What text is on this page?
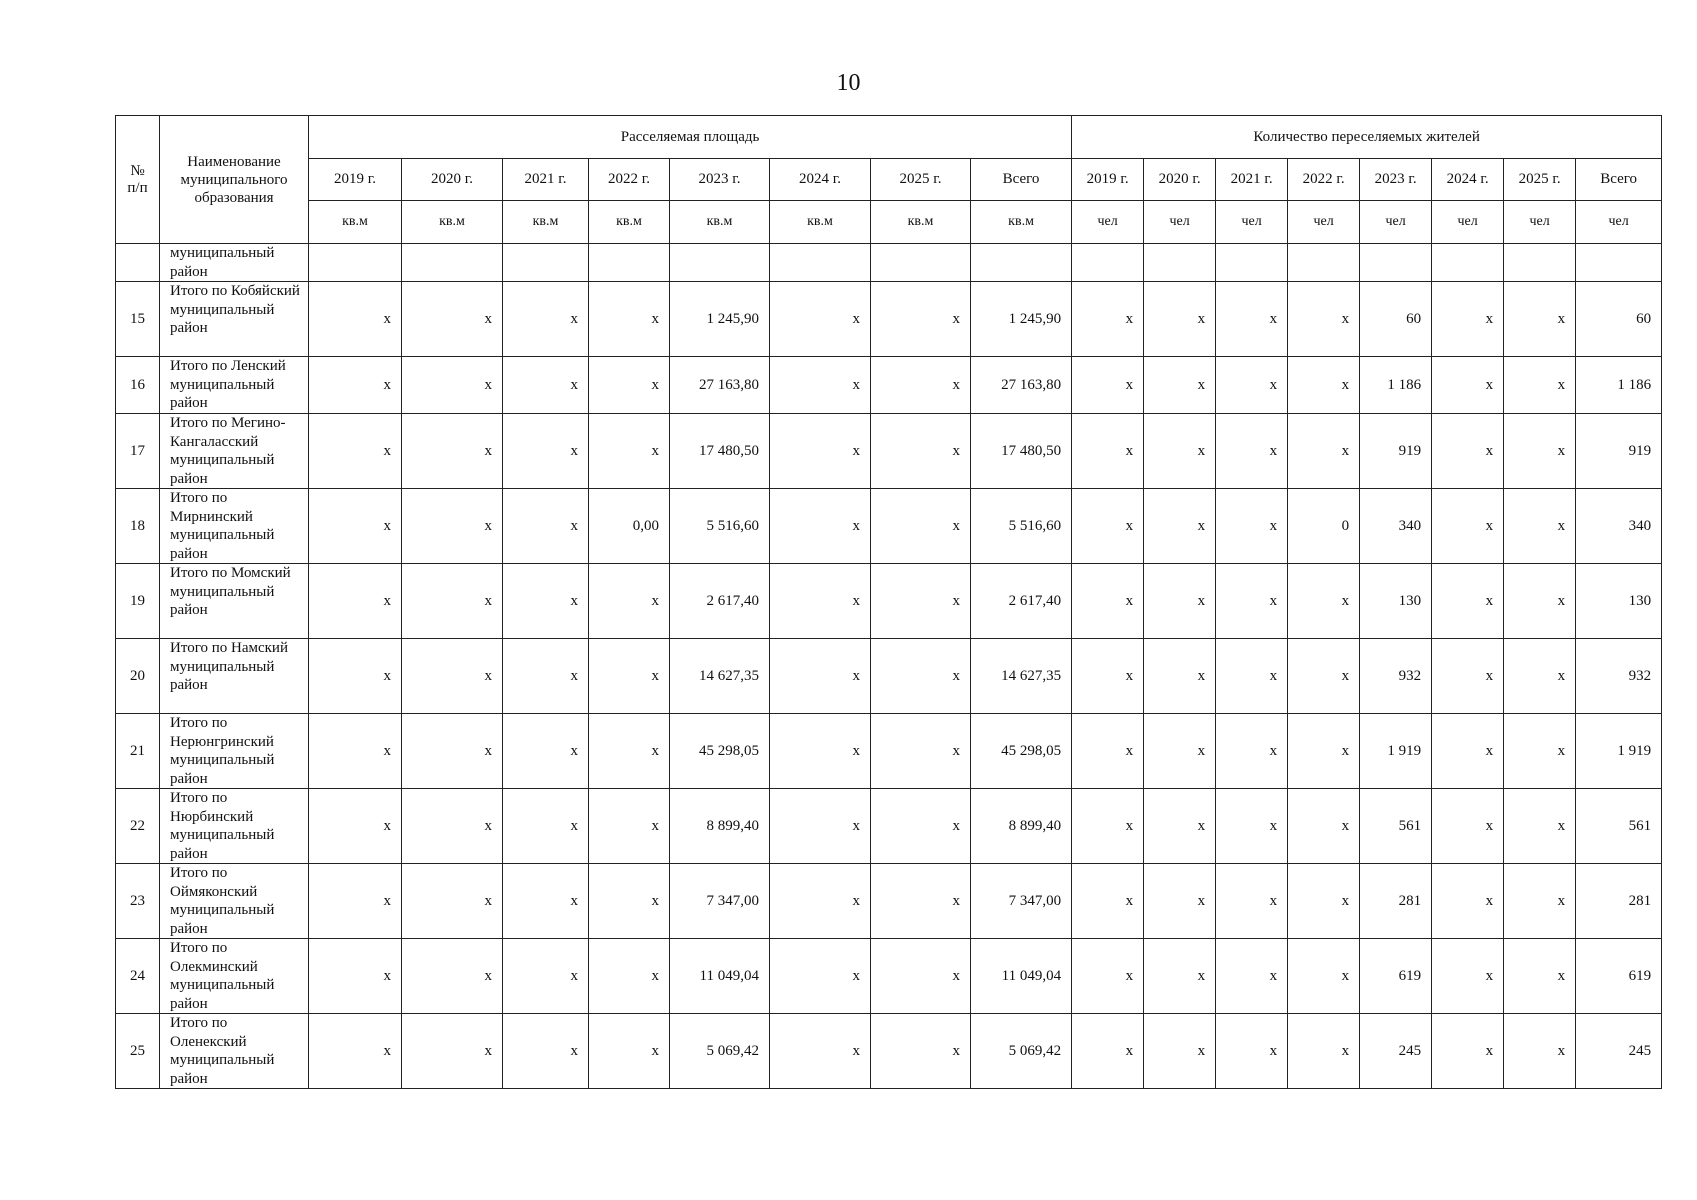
10
№ п/п	Наименование муниципального образования	Расселяемая площадь								Количество переселяемых жителей							
		2019 г.	2020 г.	2021 г.	2022 г.	2023 г.	2024 г.	2025 г.	Всего	2019 г.	2020 г.	2021 г.	2022 г.	2023 г.	2024 г.	2025 г.	Всего
		кв.м	кв.м	кв.м	кв.м	кв.м	кв.м	кв.м	кв.м	чел	чел	чел	чел	чел	чел	чел	чел
	муниципальный район																
15	Итого по Кобяйский муниципальный район	x	x	x	x	1 245,90	x	x	1 245,90	x	x	x	x	60	x	x	60
16	Итого по Ленский муниципальный район	x	x	x	x	27 163,80	x	x	27 163,80	x	x	x	x	1 186	x	x	1 186
17	Итого по Мегино-Кангаласский муниципальный район	x	x	x	x	17 480,50	x	x	17 480,50	x	x	x	x	919	x	x	919
18	Итого по Мирнинский муниципальный район	x	x	x	0,00	5 516,60	x	x	5 516,60	x	x	x	0	340	x	x	340
19	Итого по Момский муниципальный район	x	x	x	x	2 617,40	x	x	2 617,40	x	x	x	x	130	x	x	130
20	Итого по Намский муниципальный район	x	x	x	x	14 627,35	x	x	14 627,35	x	x	x	x	932	x	x	932
21	Итого по Нерюнгринский муниципальный район	x	x	x	x	45 298,05	x	x	45 298,05	x	x	x	x	1 919	x	x	1 919
22	Итого по Нюрбинский муниципальный район	x	x	x	x	8 899,40	x	x	8 899,40	x	x	x	x	561	x	x	561
23	Итого по Оймяконский муниципальный район	x	x	x	x	7 347,00	x	x	7 347,00	x	x	x	x	281	x	x	281
24	Итого по Олекминский муниципальный район	x	x	x	x	11 049,04	x	x	11 049,04	x	x	x	x	619	x	x	619
25	Итого по Оленекский муниципальный район	x	x	x	x	5 069,42	x	x	5 069,42	x	x	x	x	245	x	x	245
